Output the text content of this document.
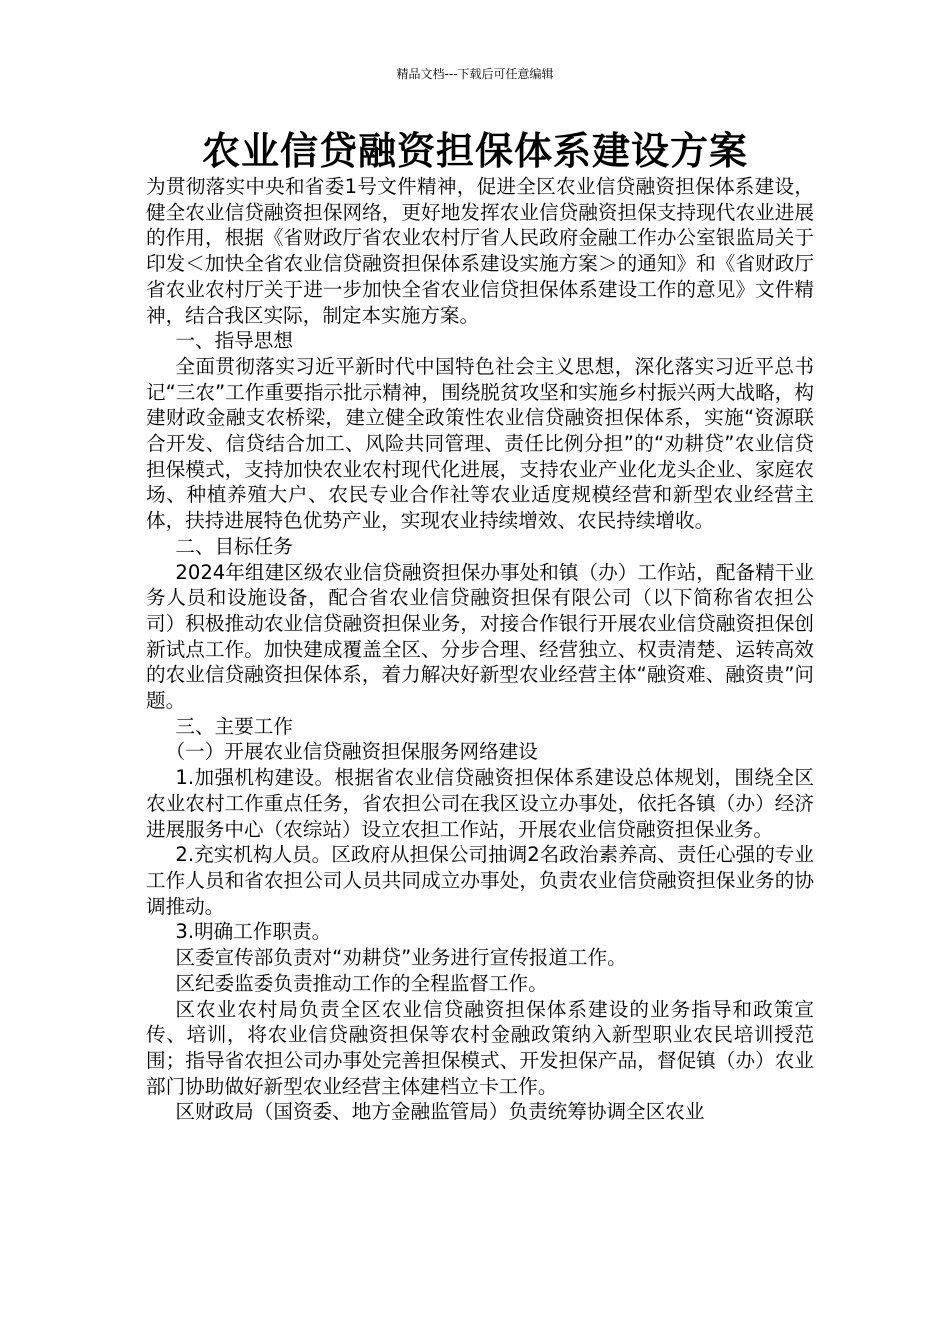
精品文档---下载后可任意编辑
农业信贷融资担保体系建设方案

为贯彻落实中央和省委1号文件精神，促进全区农业信贷融资担保体系建设，健全农业信贷融资担保网络，更好地发挥农业信贷融资担保支持现代农业进展的作用，根据《省财政厅省农业农村厅省人民政府金融工作办公室银监局关于印发＜加快全省农业信贷融资担保体系建设实施方案＞的通知》和《省财政厅省农业农村厅关于进一步加快全省农业信贷担保体系建设工作的意见》文件精神，结合我区实际，制定本实施方案。

一、指导思想

全面贯彻落实习近平新时代中国特色社会主义思想，深化落实习近平总书记“三农”工作重要指示批示精神，围绕脱贫攻坚和实施乡村振兴两大战略，构建财政金融支农桥梁，建立健全政策性农业信贷融资担保体系，实施“资源联合开发、信贷结合加工、风险共同管理、责任比例分担”的“劝耕贷”农业信贷担保模式，支持加快农业农村现代化进展，支持农业产业化龙头企业、家庭农场、种植养殖大户、农民专业合作社等农业适度规模经营和新型农业经营主体，扶持进展特色优势产业，实现农业持续增效、农民持续增收。

二、目标任务

2024年组建区级农业信贷融资担保办事处和镇（办）工作站，配备精干业务人员和设施设备，配合省农业信贷融资担保有限公司（以下简称省农担公司）积极推动农业信贷融资担保业务，对接合作银行开展农业信贷融资担保创新试点工作。加快建成覆盖全区、分步合理、经营独立、权责清楚、运转高效的农业信贷融资担保体系，着力解决好新型农业经营主体“融资难、融资贵”问题。

三、主要工作

（一）开展农业信贷融资担保服务网络建设

1.加强机构建设。根据省农业信贷融资担保体系建设总体规划，围绕全区农业农村工作重点任务，省农担公司在我区设立办事处，依托各镇（办）经济进展服务中心（农综站）设立农担工作站，开展农业信贷融资担保业务。

2.充实机构人员。区政府从担保公司抽调2名政治素养高、责任心强的专业工作人员和省农担公司人员共同成立办事处，负责农业信贷融资担保业务的协调推动。

3.明确工作职责。

区委宣传部负责对“劝耕贷”业务进行宣传报道工作。

区纪委监委负责推动工作的全程监督工作。

区农业农村局负责全区农业信贷融资担保体系建设的业务指导和政策宣传、培训，将农业信贷融资担保等农村金融政策纳入新型职业农民培训授范围；指导省农担公司办事处完善担保模式、开发担保产品，督促镇（办）农业部门协助做好新型农业经营主体建档立卡工作。

区财政局（国资委、地方金融监管局）负责统筹协调全区农业
